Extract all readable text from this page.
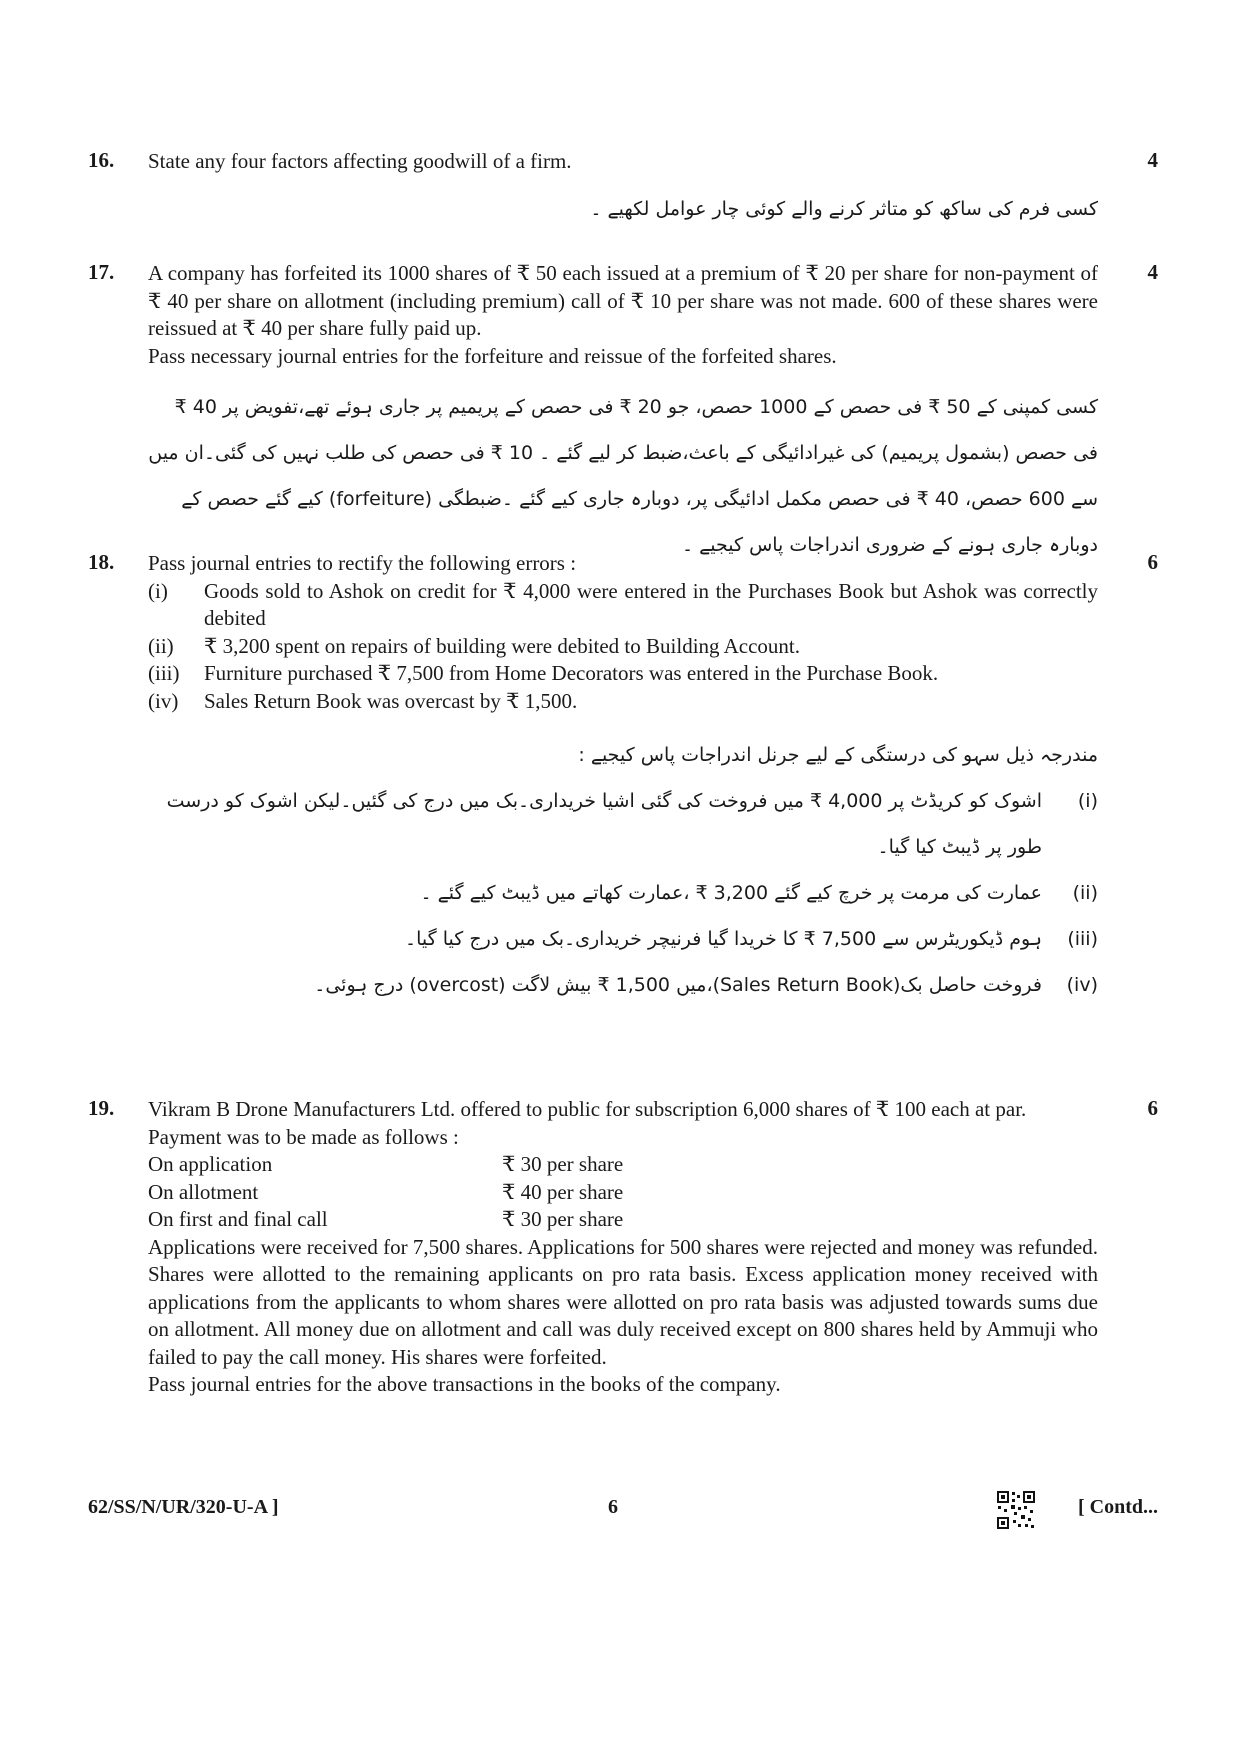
16.	4

State any four factors affecting goodwill of a firm.

کسی فرم کی ساکھ کو متاثر کرنے والے کوئی چار عوامل لکھیے ۔

17.	4

A company has forfeited its 1000 shares of ₹ 50 each issued at a premium of ₹ 20 per share for non-payment of ₹ 40 per share on allotment (including premium) call of ₹ 10 per share was not made. 600 of these shares were reissued at ₹ 40 per share fully paid up.

Pass necessary journal entries for the forfeiture and reissue of the forfeited shares.

کسی کمپنی کے 50 ₹ فی حصص کے 1000 حصص، جو 20 ₹ فی حصص کے پریمیم پر جاری ہوئے تھے،تفویض پر 40 ₹ فی حصص (بشمول پریمیم) کی غیرادائیگی کے باعث،ضبط کر لیے گئے ۔ 10 ₹ فی حصص کی طلب نہیں کی گئی۔ان میں سے 600 حصص، 40 ₹ فی حصص مکمل ادائیگی پر، دوبارہ جاری کیے گئے ۔ضبطگی (forfeiture) کیے گئے حصص کے دوبارہ جاری ہونے کے ضروری اندراجات پاس کیجیے ۔

18.	6

Pass journal entries to rectify the following errors :

(i)	Goods sold to Ashok on credit for ₹ 4,000 were entered in the Purchases Book but Ashok was correctly debited
(ii)	₹ 3,200 spent on repairs of building were debited to Building Account.
(iii)	Furniture purchased ₹ 7,500 from Home Decorators was entered in the Purchase Book.
(iv)	Sales Return Book was overcast by ₹ 1,500.

مندرجہ ذیل سہو کی درستگی کے لیے جرنل اندراجات پاس کیجیے :

(i)
اشوک کو کریڈٹ پر 4,000 ₹ میں فروخت کی گئی اشیا خریداری۔بک میں درج کی گئیں۔لیکن اشوک کو درست طور پر ڈیبٹ کیا گیا۔
(ii)
عمارت کی مرمت پر خرچ کیے گئے 3,200 ₹ ،عمارت کھاتے میں ڈیبٹ کیے گئے ۔
(iii)
ہوم ڈیکوریٹرس سے 7,500 ₹ کا خریدا گیا فرنیچر خریداری۔بک میں درج کیا گیا۔
(iv)
فروخت حاصل بک(Sales Return Book)،میں 1,500 ₹ بیش لاگت (overcost) درج ہوئی۔
19.	6

Vikram B Drone Manufacturers Ltd. offered to public for subscription 6,000 shares of ₹ 100 each at par.

Payment was to be made as follows :

On application	₹ 30 per share
On allotment	₹ 40 per share
On first and final call	₹ 30 per share

Applications were received for 7,500 shares. Applications for 500 shares were rejected and money was refunded. Shares were allotted to the remaining applicants on pro rata basis. Excess application money received with applications from the applicants to whom shares were allotted on pro rata basis was adjusted towards sums due on allotment. All money due on allotment and call was duly received except on 800 shares held by Ammuji who failed to pay the call money. His shares were forfeited.

Pass journal entries for the above transactions in the books of the company.

62/SS/N/UR/320-U-A ]	6	[ Contd...
